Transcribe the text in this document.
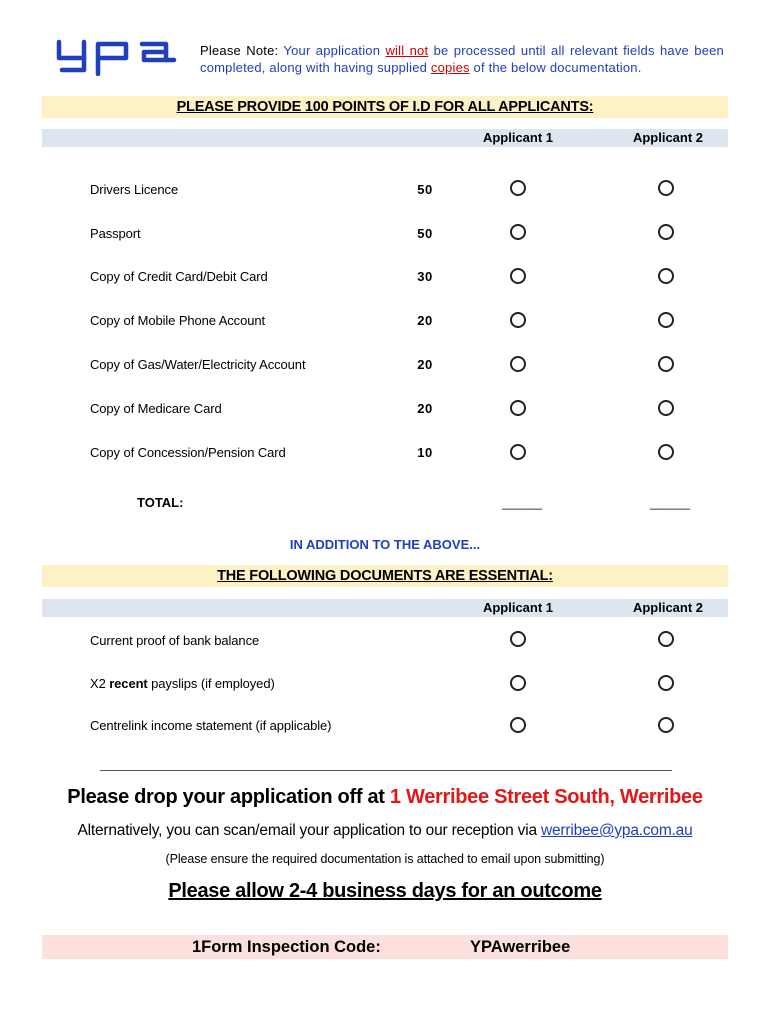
Please Note: Your application will not be processed until all relevant fields have been completed, along with having supplied copies of the below documentation.
PLEASE PROVIDE 100 POINTS OF I.D FOR ALL APPLICANTS:
Applicant 1	Applicant 2
Drivers Licence	50
Passport	50
Copy of Credit Card/Debit Card	30
Copy of Mobile Phone Account	20
Copy of Gas/Water/Electricity Account	20
Copy of Medicare Card	20
Copy of Concession/Pension Card	10
TOTAL:	______	______
IN ADDITION TO THE ABOVE...
THE FOLLOWING DOCUMENTS ARE ESSENTIAL:
Applicant 1	Applicant 2
Current proof of bank balance
X2 recent payslips (if employed)
Centrelink income statement (if applicable)
Please drop your application off at 1 Werribee Street South, Werribee
Alternatively, you can scan/email your application to our reception via werribee@ypa.com.au
(Please ensure the required documentation is attached to email upon submitting)
Please allow 2-4 business days for an outcome
1Form Inspection Code:	YPAwerribee
